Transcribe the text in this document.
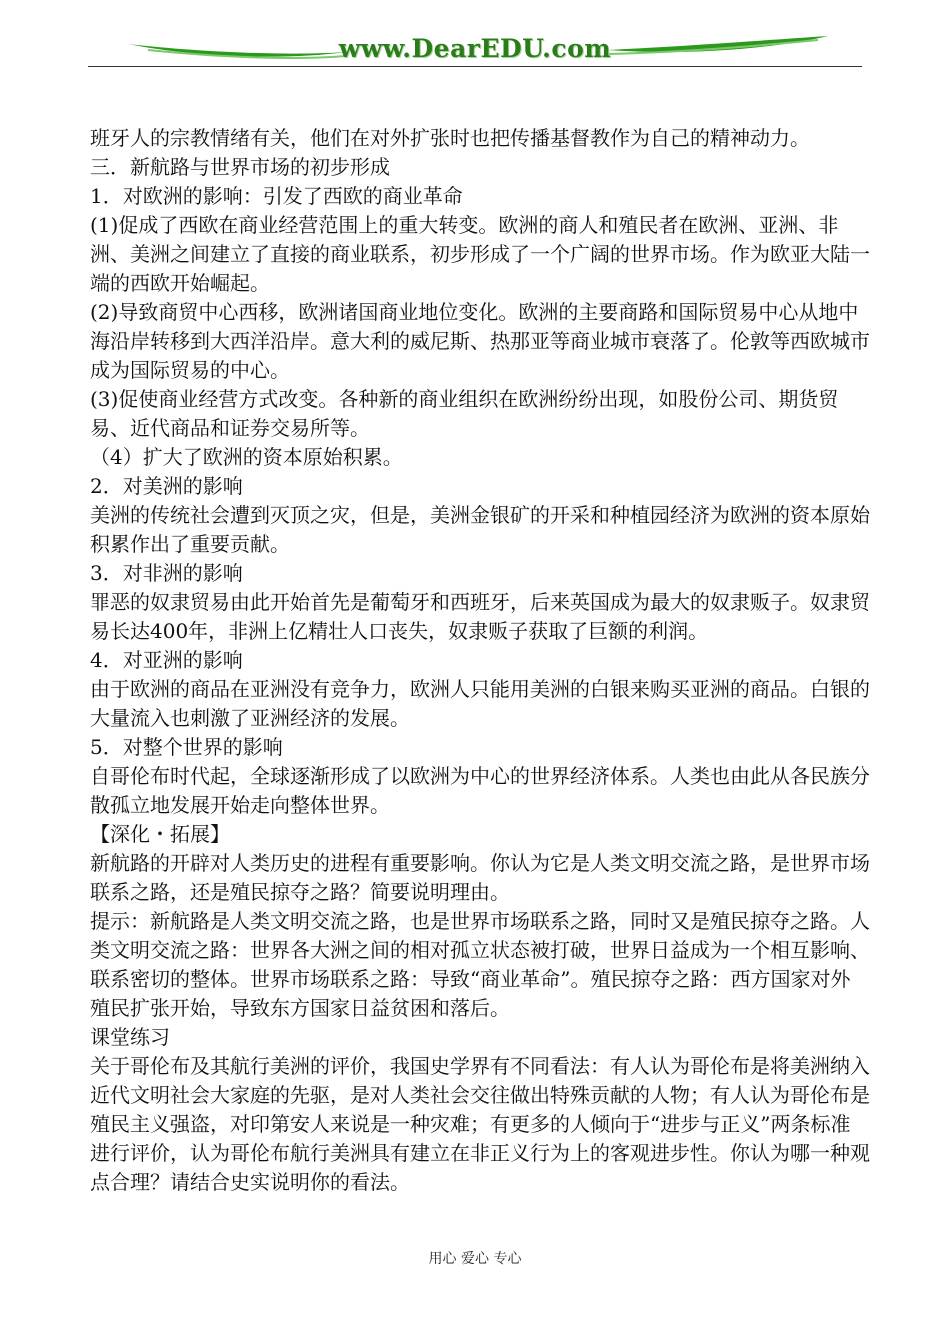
www.DearEDU.com

班牙人的宗教情绪有关，他们在对外扩张时也把传播基督教作为自己的精神动力。

三．新航路与世界市场的初步形成

1．对欧洲的影响：引发了西欧的商业革命

(1)促成了西欧在商业经营范围上的重大转变。欧洲的商人和殖民者在欧洲、亚洲、非洲、美洲之间建立了直接的商业联系，初步形成了一个广阔的世界市场。作为欧亚大陆一端的西欧开始崛起。

(2)导致商贸中心西移，欧洲诸国商业地位变化。欧洲的主要商路和国际贸易中心从地中海沿岸转移到大西洋沿岸。意大利的威尼斯、热那亚等商业城市衰落了。伦敦等西欧城市成为国际贸易的中心。

(3)促使商业经营方式改变。各种新的商业组织在欧洲纷纷出现，如股份公司、期货贸易、近代商品和证券交易所等。

（4）扩大了欧洲的资本原始积累。

2．对美洲的影响

美洲的传统社会遭到灭顶之灾，但是，美洲金银矿的开采和种植园经济为欧洲的资本原始积累作出了重要贡献。

3．对非洲的影响

罪恶的奴隶贸易由此开始首先是葡萄牙和西班牙，后来英国成为最大的奴隶贩子。奴隶贸易长达400年，非洲上亿精壮人口丧失，奴隶贩子获取了巨额的利润。

4．对亚洲的影响

由于欧洲的商品在亚洲没有竞争力，欧洲人只能用美洲的白银来购买亚洲的商品。白银的大量流入也刺激了亚洲经济的发展。

5．对整个世界的影响

自哥伦布时代起，全球逐渐形成了以欧洲为中心的世界经济体系。人类也由此从各民族分散孤立地发展开始走向整体世界。

【深化・拓展】

新航路的开辟对人类历史的进程有重要影响。你认为它是人类文明交流之路，是世界市场联系之路，还是殖民掠夺之路？简要说明理由。

提示：新航路是人类文明交流之路，也是世界市场联系之路，同时又是殖民掠夺之路。人类文明交流之路：世界各大洲之间的相对孤立状态被打破，世界日益成为一个相互影响、联系密切的整体。世界市场联系之路：导致“商业革命”。殖民掠夺之路：西方国家对外殖民扩张开始，导致东方国家日益贫困和落后。

课堂练习

关于哥伦布及其航行美洲的评价，我国史学界有不同看法：有人认为哥伦布是将美洲纳入近代文明社会大家庭的先驱，是对人类社会交往做出特殊贡献的人物；有人认为哥伦布是殖民主义强盗，对印第安人来说是一种灾难；有更多的人倾向于“进步与正义”两条标准进行评价，认为哥伦布航行美洲具有建立在非正义行为上的客观进步性。你认为哪一种观点合理？请结合史实说明你的看法。

用心 爱心 专心
